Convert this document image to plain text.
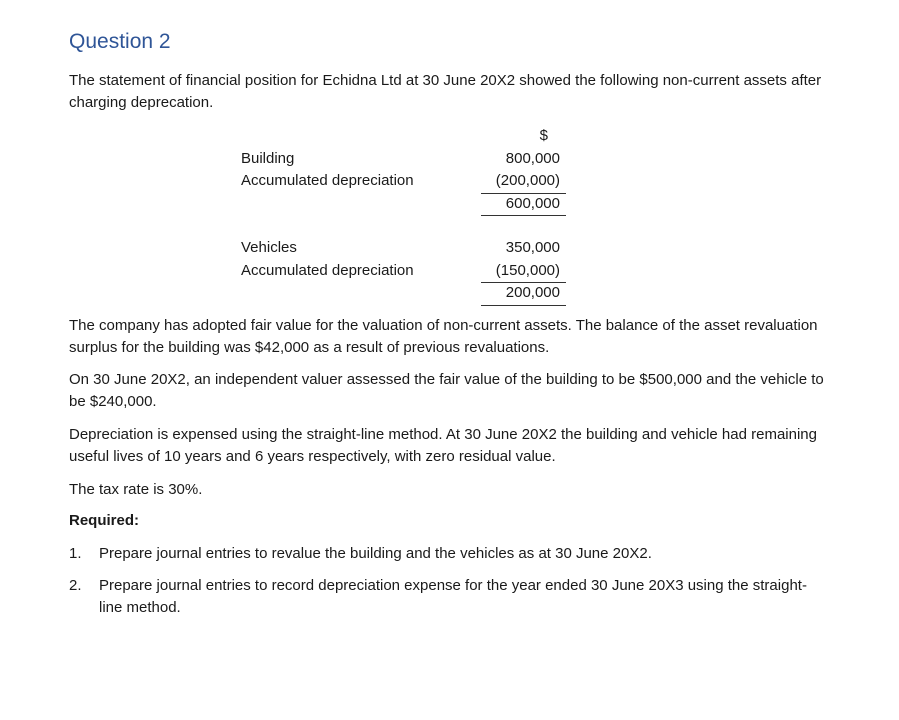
Question 2

The statement of financial position for Echidna Ltd at 30 June 20X2 showed the following non-current assets after charging deprecation.

$
Building	800,000
Accumulated depreciation	(200,000)
600,000
Vehicles	350,000
Accumulated depreciation	(150,000)
200,000

The company has adopted fair value for the valuation of non-current assets. The balance of the asset revaluation surplus for the building was $42,000 as a result of previous revaluations.

On 30 June 20X2, an independent valuer assessed the fair value of the building to be $500,000 and the vehicle to be $240,000.

Depreciation is expensed using the straight-line method. At 30 June 20X2 the building and vehicle had remaining useful lives of 10 years and 6 years respectively, with zero residual value.

The tax rate is 30%.

Required:

1. Prepare journal entries to revalue the building and the vehicles as at 30 June 20X2.
2. Prepare journal entries to record depreciation expense for the year ended 30 June 20X3 using the straight-line method.
